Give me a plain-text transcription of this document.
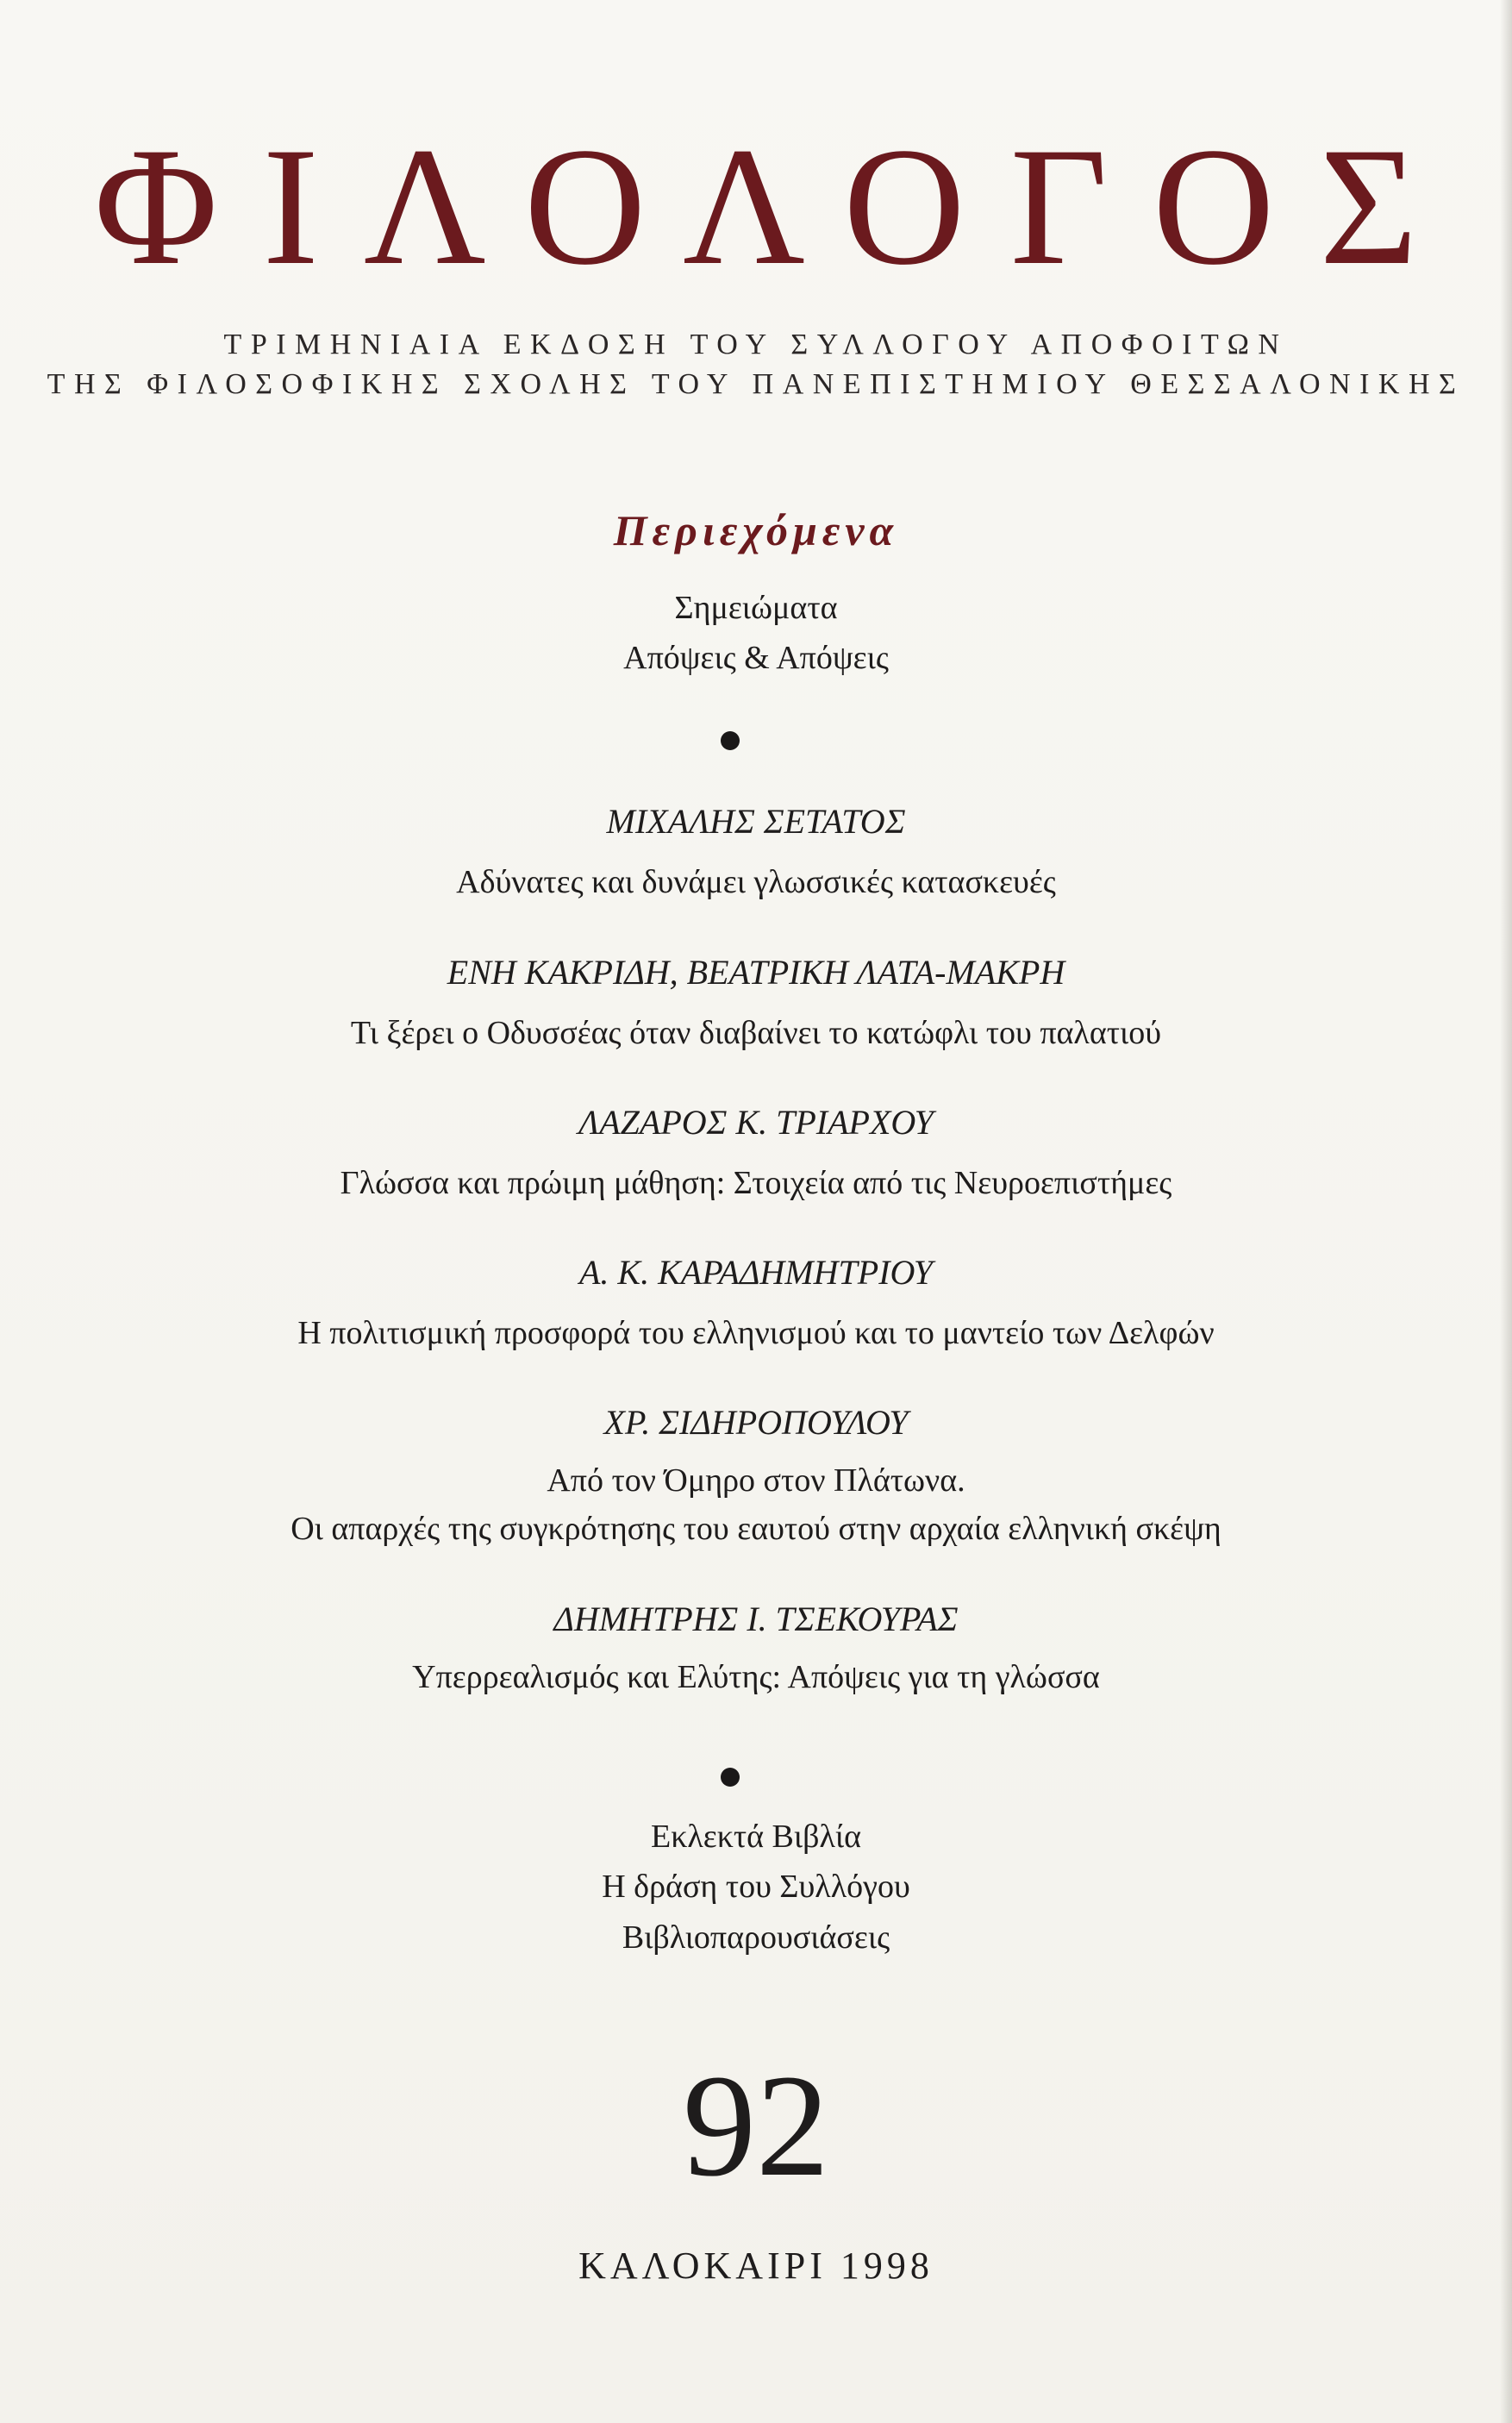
ΦΙΛΟΛΟΓΟΣ
ΤΡΙΜΗΝΙΑΙΑ ΕΚΔΟΣΗ ΤΟΥ ΣΥΛΛΟΓΟΥ ΑΠΟΦΟΙΤΩΝ
ΤΗΣ ΦΙΛΟΣΟΦΙΚΗΣ ΣΧΟΛΗΣ ΤΟΥ ΠΑΝΕΠΙΣΤΗΜΙΟΥ ΘΕΣΣΑΛΟΝΙΚΗΣ
Περιεχόμενα
Σημειώματα
Απόψεις & Απόψεις
ΜΙΧΑΛΗΣ ΣΕΤΑΤΟΣ
Αδύνατες και δυνάμει γλωσσικές κατασκευές
ΕΝΗ ΚΑΚΡΙΔΗ, ΒΕΑΤΡΙΚΗ ΛΑΤΑ-ΜΑΚΡΗ
Τι ξέρει ο Οδυσσέας όταν διαβαίνει το κατώφλι του παλατιού
ΛΑΖΑΡΟΣ Κ. ΤΡΙΑΡΧΟΥ
Γλώσσα και πρώιμη μάθηση: Στοιχεία από τις Νευροεπιστήμες
Α. Κ. ΚΑΡΑΔΗΜΗΤΡΙΟΥ
Η πολιτισμική προσφορά του ελληνισμού και το μαντείο των Δελφών
ΧΡ. ΣΙΔΗΡΟΠΟΥΛΟΥ
Από τον Όμηρο στον Πλάτωνα.
Οι απαρχές της συγκρότησης του εαυτού στην αρχαία ελληνική σκέψη
ΔΗΜΗΤΡΗΣ Ι. ΤΣΕΚΟΥΡΑΣ
Υπερρεαλισμός και Ελύτης: Απόψεις για τη γλώσσα
Εκλεκτά Βιβλία
Η δράση του Συλλόγου
Βιβλιοπαρουσιάσεις
92
ΚΑΛΟΚΑΙΡΙ 1998
